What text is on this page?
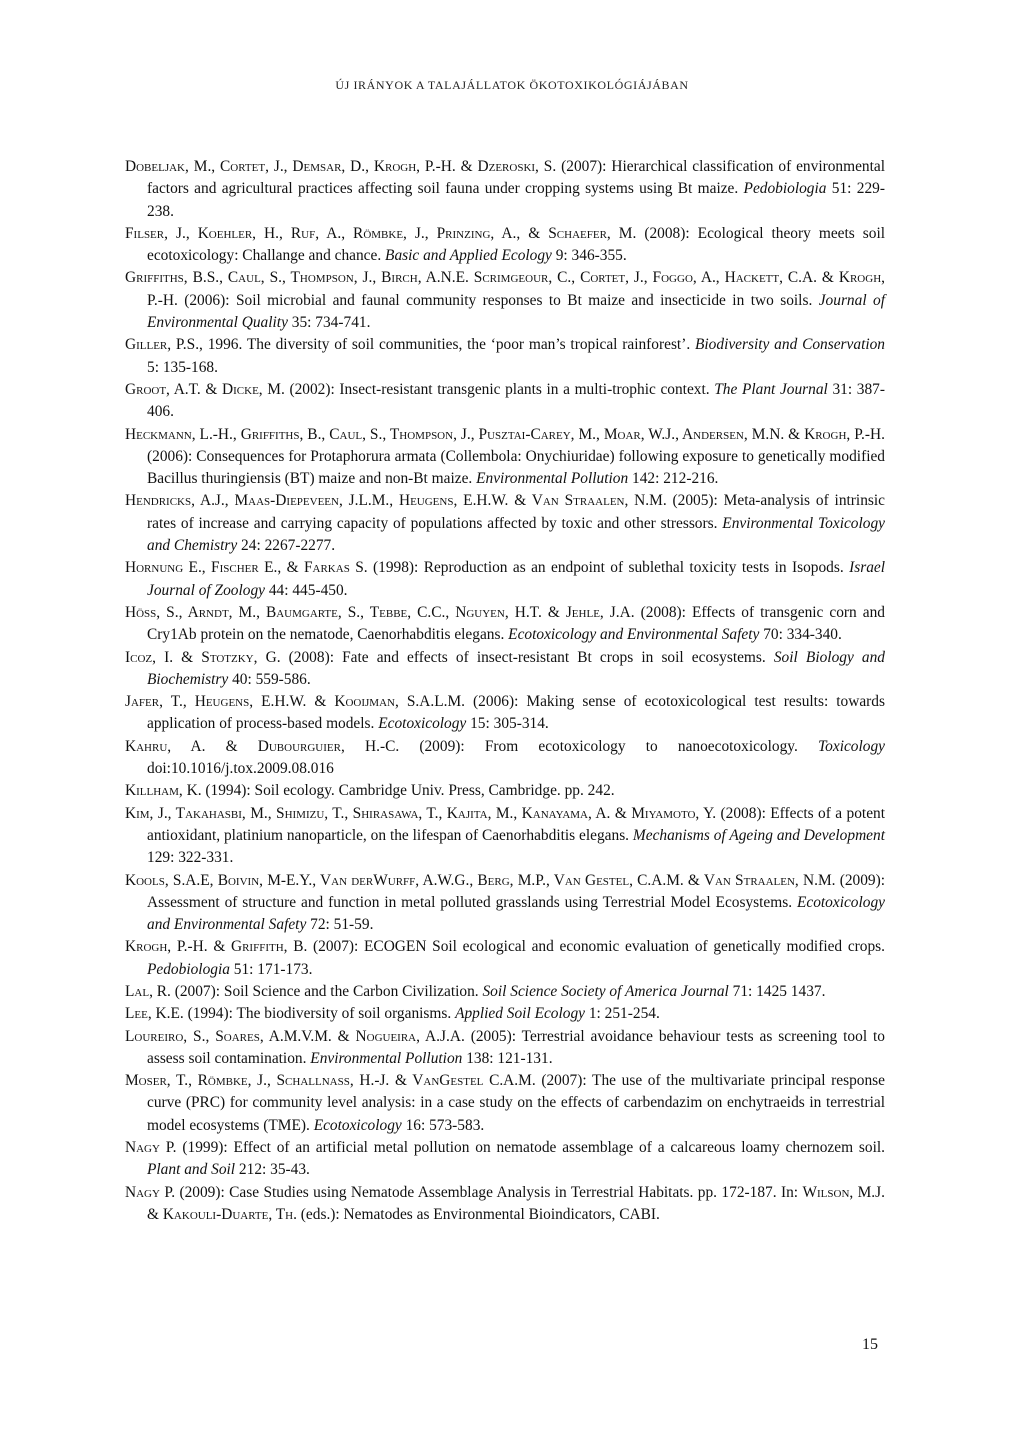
ÚJ IRÁNYOK A TALAJÁLLATOK ÖKOTOXIKOLÓGIÁJÁBAN

Dobeljak, M., Cortet, J., Demsar, D., Krogh, P.-H. & Dzeroski, S. (2007): Hierarchical classification of environmental factors and agricultural practices affecting soil fauna under cropping systems using Bt maize. Pedobiologia 51: 229-238.

Filser, J., Koehler, H., Ruf, A., Römbke, J., Prinzing, A., & Schaefer, M. (2008): Ecological theory meets soil ecotoxicology: Challange and chance. Basic and Applied Ecology 9: 346-355.

Griffiths, B.S., Caul, S., Thompson, J., Birch, A.N.E. Scrimgeour, C., Cortet, J., Foggo, A., Hackett, C.A. & Krogh, P.-H. (2006): Soil microbial and faunal community responses to Bt maize and insecticide in two soils. Journal of Environmental Quality 35: 734-741.

Giller, P.S., 1996. The diversity of soil communities, the ‘poor man’s tropical rainforest’. Biodiversity and Conservation 5: 135-168.

Groot, A.T. & Dicke, M. (2002): Insect-resistant transgenic plants in a multi-trophic context. The Plant Journal 31: 387-406.

Heckmann, L.-H., Griffiths, B., Caul, S., Thompson, J., Pusztai-Carey, M., Moar, W.J., Andersen, M.N. & Krogh, P.-H. (2006): Consequences for Protaphorura armata (Collembola: Onychiuridae) following exposure to genetically modified Bacillus thuringiensis (BT) maize and non-Bt maize. Environmental Pollution 142: 212-216.

Hendricks, A.J., Maas-Diepeveen, J.L.M., Heugens, E.H.W. & Van Straalen, N.M. (2005): Meta-analysis of intrinsic rates of increase and carrying capacity of populations affected by toxic and other stressors. Environmental Toxicology and Chemistry 24: 2267-2277.

Hornung E., Fischer E., & Farkas S. (1998): Reproduction as an endpoint of sublethal toxicity tests in Isopods. Israel Journal of Zoology 44: 445-450.

Höss, S., Arndt, M., Baumgarte, S., Tebbe, C.C., Nguyen, H.T. & Jehle, J.A. (2008): Effects of transgenic corn and Cry1Ab protein on the nematode, Caenorhabditis elegans. Ecotoxicology and Environmental Safety 70: 334-340.

Icoz, I. & Stotzky, G. (2008): Fate and effects of insect-resistant Bt crops in soil ecosystems. Soil Biology and Biochemistry 40: 559-586.

Jafer, T., Heugens, E.H.W. & Kooijman, S.A.L.M. (2006): Making sense of ecotoxicological test results: towards application of process-based models. Ecotoxicology 15: 305-314.

Kahru, A. & Dubourguier, H.-C. (2009): From ecotoxicology to nanoecotoxicology. Toxicology doi:10.1016/j.tox.2009.08.016

Killham, K. (1994): Soil ecology. Cambridge Univ. Press, Cambridge. pp. 242.

Kim, J., Takahasbi, M., Shimizu, T., Shirasawa, T., Kajita, M., Kanayama, A. & Miyamoto, Y. (2008): Effects of a potent antioxidant, platinium nanoparticle, on the lifespan of Caenorhabditis elegans. Mechanisms of Ageing and Development 129: 322-331.

Kools, S.A.E, Boivin, M-E.Y., Van derWurff, A.W.G., Berg, M.P., Van Gestel, C.A.M. & Van Straalen, N.M. (2009): Assessment of structure and function in metal polluted grasslands using Terrestrial Model Ecosystems. Ecotoxicology and Environmental Safety 72: 51-59.

Krogh, P.-H. & Griffith, B. (2007): ECOGEN Soil ecological and economic evaluation of genetically modified crops. Pedobiologia 51: 171-173.

Lal, R. (2007): Soil Science and the Carbon Civilization. Soil Science Society of America Journal 71: 1425 1437.

Lee, K.E. (1994): The biodiversity of soil organisms. Applied Soil Ecology 1: 251-254.

Loureiro, S., Soares, A.M.V.M. & Nogueira, A.J.A. (2005): Terrestrial avoidance behaviour tests as screening tool to assess soil contamination. Environmental Pollution 138: 121-131.

Moser, T., Römbke, J., Schallnass, H.-J. & VanGestel C.A.M. (2007): The use of the multivariate principal response curve (PRC) for community level analysis: in a case study on the effects of carbendazim on enchytraeids in terrestrial model ecosystems (TME). Ecotoxicology 16: 573-583.

Nagy P. (1999): Effect of an artificial metal pollution on nematode assemblage of a calcareous loamy chernozem soil. Plant and Soil 212: 35-43.

Nagy P. (2009): Case Studies using Nematode Assemblage Analysis in Terrestrial Habitats. pp. 172-187. In: Wilson, M.J. & Kakouli-Duarte, Th. (eds.): Nematodes as Environmental Bioindicators, CABI.

15
